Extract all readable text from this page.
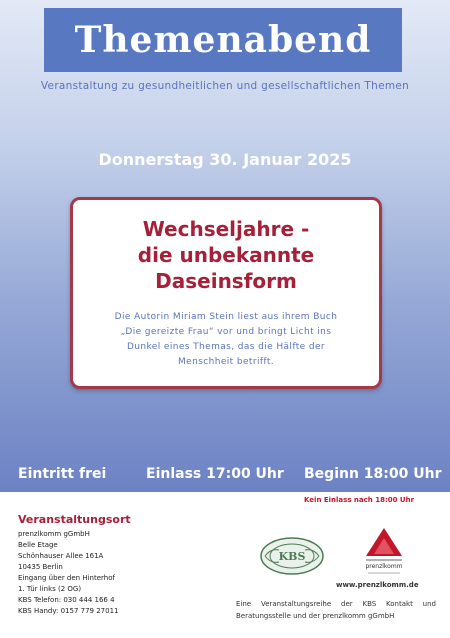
Themenabend
Veranstaltung zu gesundheitlichen und gesellschaftlichen Themen
Donnerstag 30. Januar 2025
Wechseljahre -
die unbekannte
Daseinsform
Die Autorin Miriam Stein liest aus ihrem Buch
„Die gereizte Frau“ vor und bringt Licht ins
Dunkel eines Themas, das die Hälfte der
Menschheit betrifft.
Eintritt frei	Einlass 17:00 Uhr Beginn 18:00 Uhr
Kein Einlass nach 18:00 Uhr
Veranstaltungsort
prenzlkomm gGmbH
Belle Etage
Schönhauser Allee 161A
10435 Berlin
Eingang über den Hinterhof
1. Tür links (2 OG)
KBS Telefon: 030 444 166 4
KBS Handy: 0157 779 27011
KBS
prenzlkomm
www.prenzlkomm.de
Eine Veranstaltungsreihe der KBS Kontakt und Beratungsstelle und der prenzlkomm gGmbH
